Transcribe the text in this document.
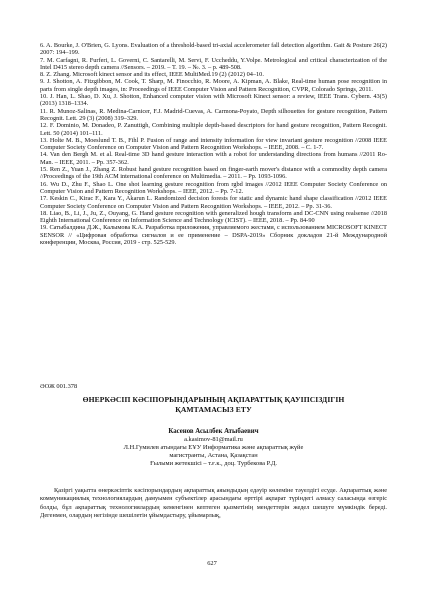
6. A. Bourke, J. O'Brien, G. Lyons. Evaluation of a threshold-based tri-axial accelerometer fall detection algorithm. Gait & Posture 26(2) 2007: 194–199.

7. M. Carfagni, R. Furferi, L. Governi, C. Santarelli, M. Servi, F. Uccheddu, Y.Volpe. Metrological and critical characterization of the Intel D415 stereo depth camera //Sensors. – 2019. – Т. 19. – №. 3. – p. 489-508.

8. Z. Zhang. Microsoft kinect sensor and its effect, IEEE MultiMed.19 (2) (2012) 04–10.

9. J. Shotton, A. Fitzgibbon, M. Cook, T. Sharp, M. Finocchio, R. Moore, A. Kipman, A. Blake, Real-time human pose recognition in parts from single depth images, in: Proceedings of IEEE Computer Vision and Pattern Recognition, CVPR, Colorado Springs, 2011.

10. J. Han, L. Shao, D. Xu, J. Shotton, Enhanced computer vision with Microsoft Kinect sensor: a review, IEEE Trans. Cybern. 43(5) (2013) 1318–1334.

11. R. Munoz-Salinas, R. Medina-Carnicer, F.J. Madrid-Cuevas, A. Carmona-Poyato, Depth silhouettes for gesture recognition, Pattern Recognit. Lett. 29 (3) (2008) 319–329.

12. F. Dominio, M. Donadeo, P. Zanuttigh, Combining multiple depth-based descriptors for hand gesture recognition, Pattern Recognit. Lett. 50 (2014) 101–111.

13. Holte M. B., Moeslund T. B., Fihl P. Fusion of range and intensity information for view invariant gesture recognition //2008 IEEE Computer Society Conference on Computer Vision and Pattern Recognition Workshops. – IEEE, 2008. – С. 1-7.

14. Van den Bergh M. et al. Real-time 3D hand gesture interaction with a robot for understanding directions from humans //2011 Ro-Man. – IEEE, 2011. – Pp. 357-362.

15. Ren Z., Yuan J., Zhang Z. Robust hand gesture recognition based on finger-earth mover's distance with a commodity depth camera //Proceedings of the 19th ACM international conference on Multimedia. – 2011. – Pp. 1093-1096.

16. Wu D., Zhu F., Shao L. One shot learning gesture recognition from rgbd images //2012 IEEE Computer Society Conference on Computer Vision and Pattern Recognition Workshops. – IEEE, 2012. – Pp. 7-12.

17. Keskin C., Kirac F., Kara Y., Akarun L. Randomized decision forests for static and dynamic hand shape classification //2012 IEEE Computer Society Conference on Computer Vision and Pattern Recognition Workshops. – IEEE, 2012. – Pp. 31-36.

18. Liao, B., Li, J., Ju, Z., Ouyang, G. Hand gesture recognition with generalized hough transform and DC-CNN using realsense //2018 Eighth International Conference on Information Science and Technology (ICIST). – IEEE, 2018. – Pp. 84-90

19. Сатыбалдина Д.Ж., Калымова К.А. Разработка приложения, управляемого жестами, с использованием MICROSOFT KINECT SENSOR // «Цифровая обработка сигналов и ее применение – DSPA-2019» Сборник докладов 21-й Международной конференции, Москва, Россия, 2019 - стр. 525-529.

ӘОЖ 001.378
ӨНЕРКӘСІП КӘСІПОРЫНДАРЫНЫҢ АҚПАРАТТЫҚ ҚАУІПСІЗДІГІН
ҚАМТАМАСЫЗ ЕТУ
Касенов Асылбек Атыбаевич
a.kasimov-81@mail.ru
Л.Н.Гумилев атындағы ЕҰУ Информатика және ақпараттық жүйе
магистранты, Астана, Қазақстан
Ғылыми жетекшісі – т.ғ.к., доц. Турбекова Р.Д.

Қазіргі уақытта өнеркәсіптік кәсіпорындардың ақпараттық аяындыдың едәуір көлеміне тәуелдігі есуде. Ақпараттық және коммуникациялық технологиялардың дамуымен субъектілер арасындағы өрттірі ақпарат түріндегі алмасу саласында өзгеріс болды, бұл ақпараттық технологиялардың кеменгінен кептеген қызметінің мендеттерін жедел шешуге мүмкіндік береді. Дегенмен, олардың негізінде шешілетін ұйымдастыру, ұйымарлық,

627
